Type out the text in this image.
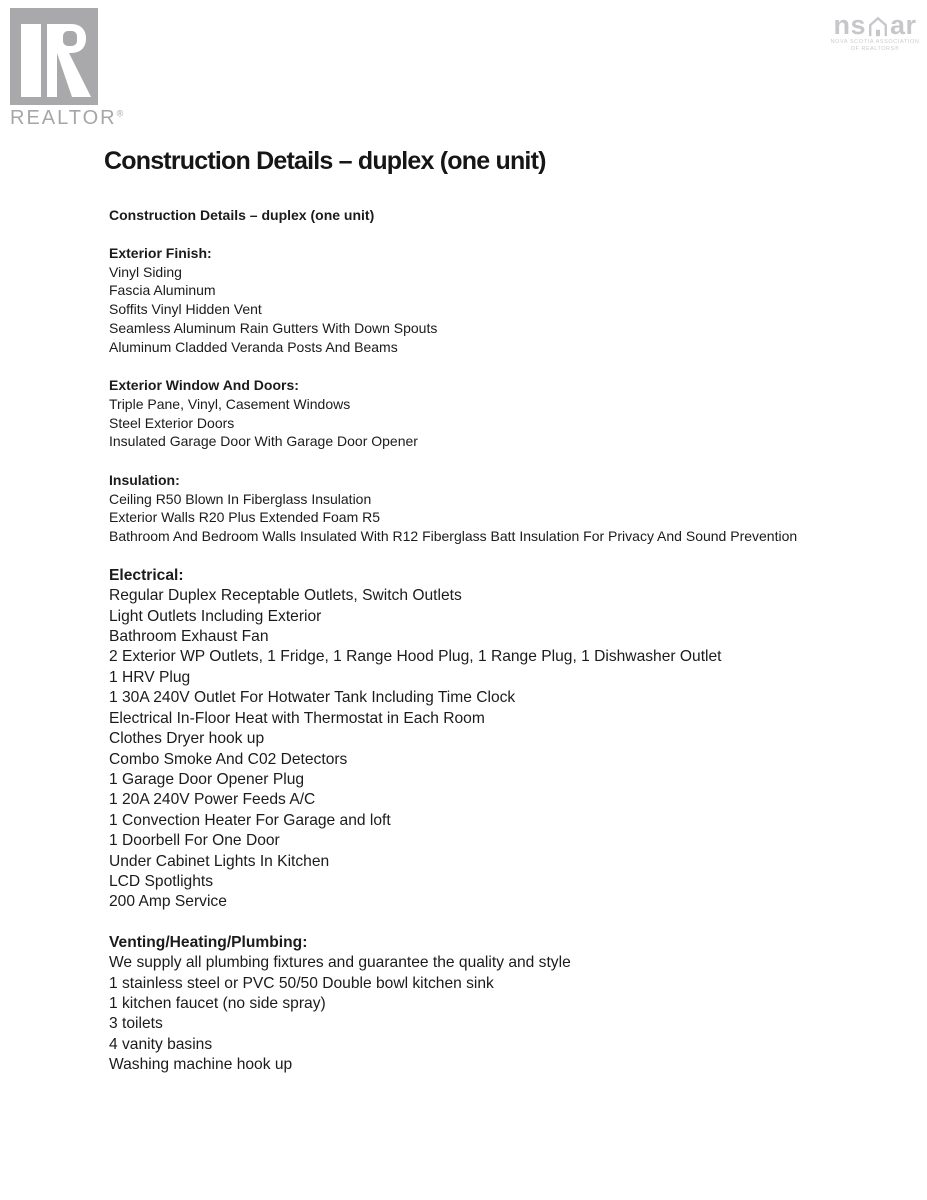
REALTOR®
ns ar
NOVA SCOTIA ASSOCIATION
OF REALTORS®
Construction Details – duplex (one unit)

Construction Details – duplex (one unit)

Exterior Finish:
Vinyl Siding
Fascia Aluminum
Soffits Vinyl Hidden Vent
Seamless Aluminum Rain Gutters With Down Spouts
Aluminum Cladded Veranda Posts And Beams
Exterior Window And Doors:
Triple Pane, Vinyl, Casement Windows
Steel Exterior Doors
Insulated Garage Door With Garage Door Opener
Insulation:
Ceiling R50 Blown In Fiberglass Insulation
Exterior Walls R20 Plus Extended Foam R5
Bathroom And Bedroom Walls Insulated With R12 Fiberglass Batt Insulation For Privacy And Sound Prevention
Electrical:
Regular Duplex Receptable Outlets, Switch Outlets
Light Outlets Including Exterior
Bathroom Exhaust Fan
2 Exterior WP Outlets, 1 Fridge, 1 Range Hood Plug, 1 Range Plug, 1 Dishwasher Outlet
1 HRV Plug
1 30A 240V Outlet For Hotwater Tank Including Time Clock
Electrical In-Floor Heat with Thermostat in Each Room
Clothes Dryer hook up
Combo Smoke And C02 Detectors
1 Garage Door Opener Plug
1 20A 240V Power Feeds A/C
1 Convection Heater For Garage and loft
1 Doorbell For One Door
Under Cabinet Lights In Kitchen
LCD Spotlights
200 Amp Service
Venting/Heating/Plumbing:
We supply all plumbing fixtures and guarantee the quality and style
1 stainless steel or PVC 50/50 Double bowl kitchen sink
1 kitchen faucet (no side spray)
3 toilets
4 vanity basins
Washing machine hook up
